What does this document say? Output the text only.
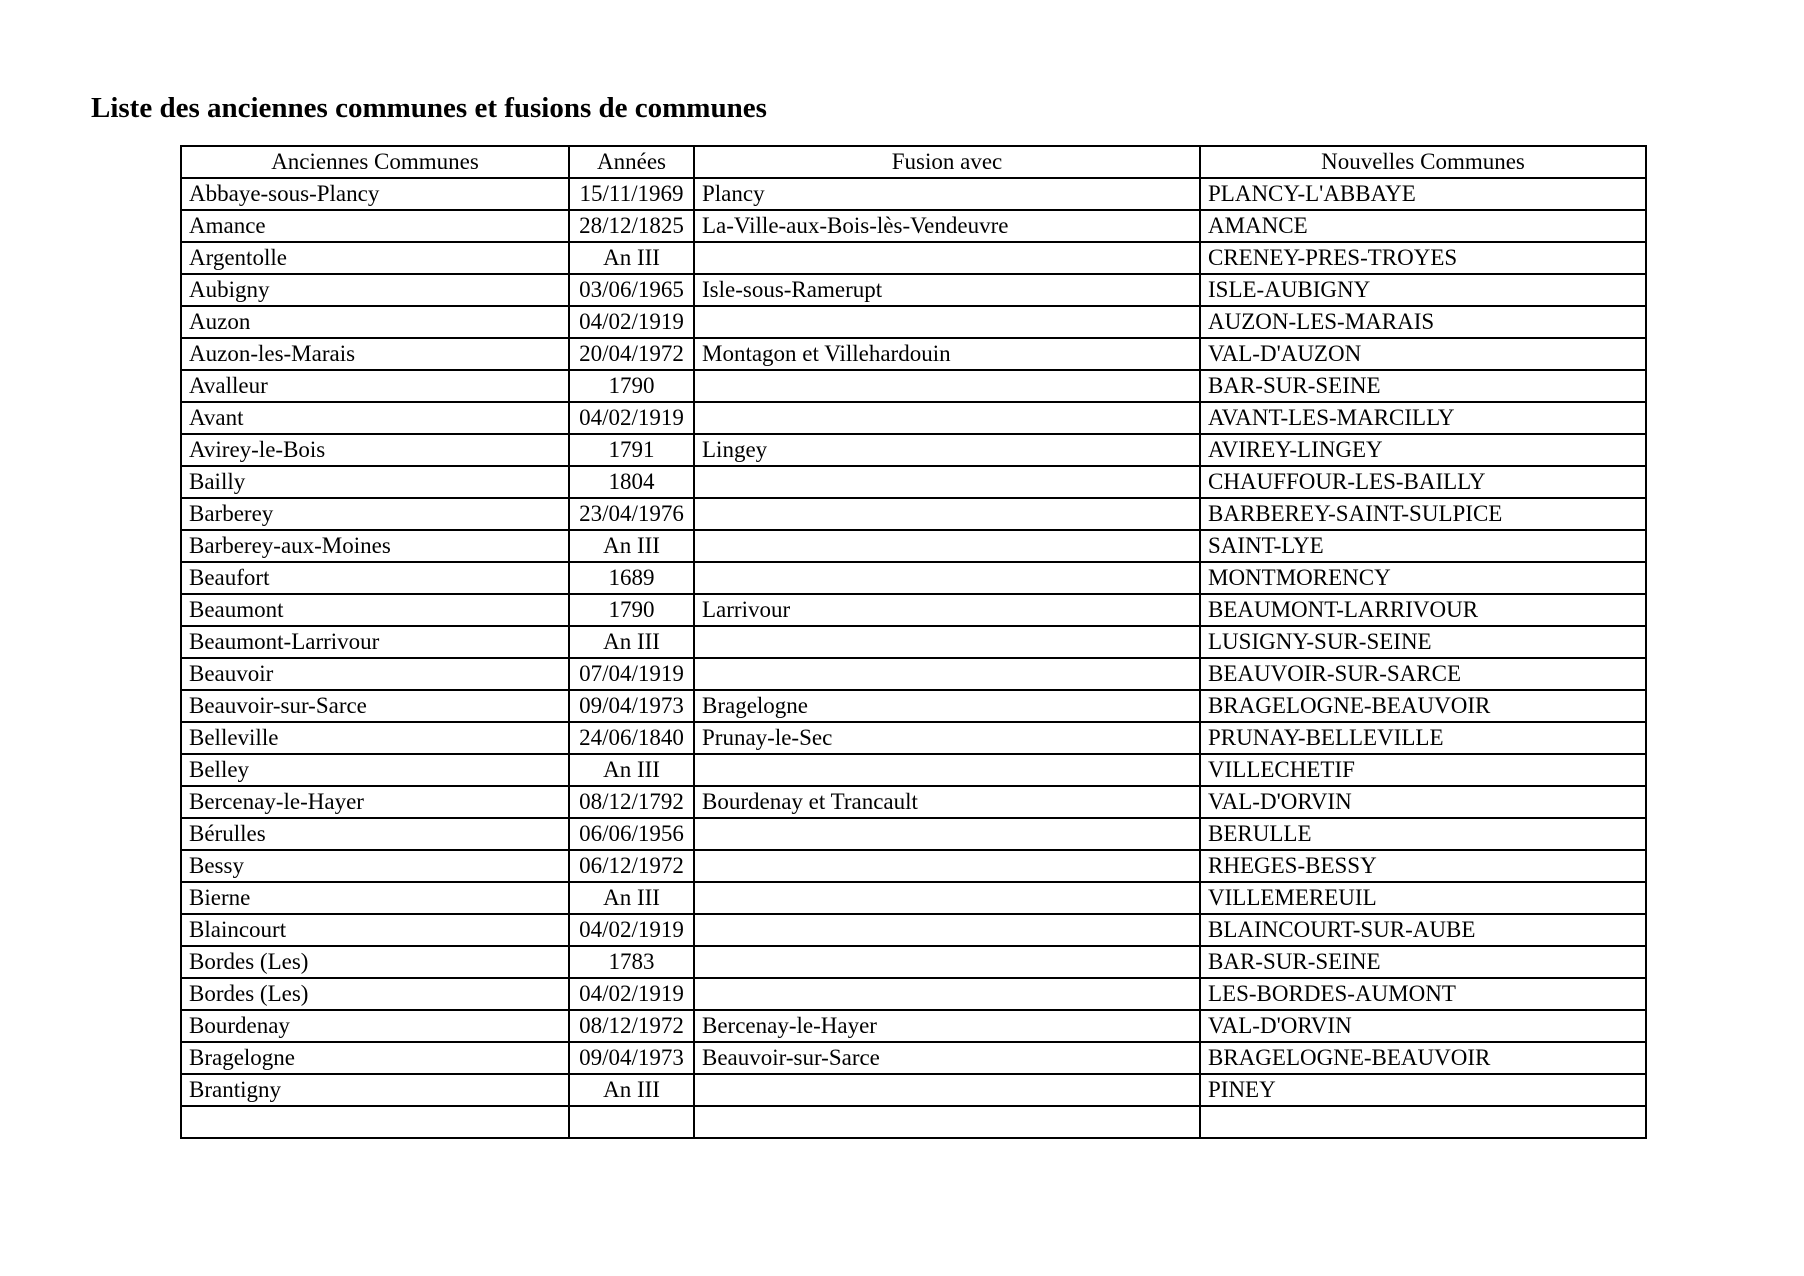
Liste des anciennes communes et fusions de communes
Anciennes Communes	Années	Fusion avec	Nouvelles Communes
Abbaye-sous-Plancy	15/11/1969	Plancy	PLANCY-L'ABBAYE
Amance	28/12/1825	La-Ville-aux-Bois-lès-Vendeuvre	AMANCE
Argentolle	An III		CRENEY-PRES-TROYES
Aubigny	03/06/1965	Isle-sous-Ramerupt	ISLE-AUBIGNY
Auzon	04/02/1919		AUZON-LES-MARAIS
Auzon-les-Marais	20/04/1972	Montagon et Villehardouin	VAL-D'AUZON
Avalleur	1790		BAR-SUR-SEINE
Avant	04/02/1919		AVANT-LES-MARCILLY
Avirey-le-Bois	1791	Lingey	AVIREY-LINGEY
Bailly	1804		CHAUFFOUR-LES-BAILLY
Barberey	23/04/1976		BARBEREY-SAINT-SULPICE
Barberey-aux-Moines	An III		SAINT-LYE
Beaufort	1689		MONTMORENCY
Beaumont	1790	Larrivour	BEAUMONT-LARRIVOUR
Beaumont-Larrivour	An III		LUSIGNY-SUR-SEINE
Beauvoir	07/04/1919		BEAUVOIR-SUR-SARCE
Beauvoir-sur-Sarce	09/04/1973	Bragelogne	BRAGELOGNE-BEAUVOIR
Belleville	24/06/1840	Prunay-le-Sec	PRUNAY-BELLEVILLE
Belley	An III		VILLECHETIF
Bercenay-le-Hayer	08/12/1792	Bourdenay et Trancault	VAL-D'ORVIN
Bérulles	06/06/1956		BERULLE
Bessy	06/12/1972		RHEGES-BESSY
Bierne	An III		VILLEMEREUIL
Blaincourt	04/02/1919		BLAINCOURT-SUR-AUBE
Bordes (Les)	1783		BAR-SUR-SEINE
Bordes (Les)	04/02/1919		LES-BORDES-AUMONT
Bourdenay	08/12/1972	Bercenay-le-Hayer	VAL-D'ORVIN
Bragelogne	09/04/1973	Beauvoir-sur-Sarce	BRAGELOGNE-BEAUVOIR
Brantigny	An III		PINEY
